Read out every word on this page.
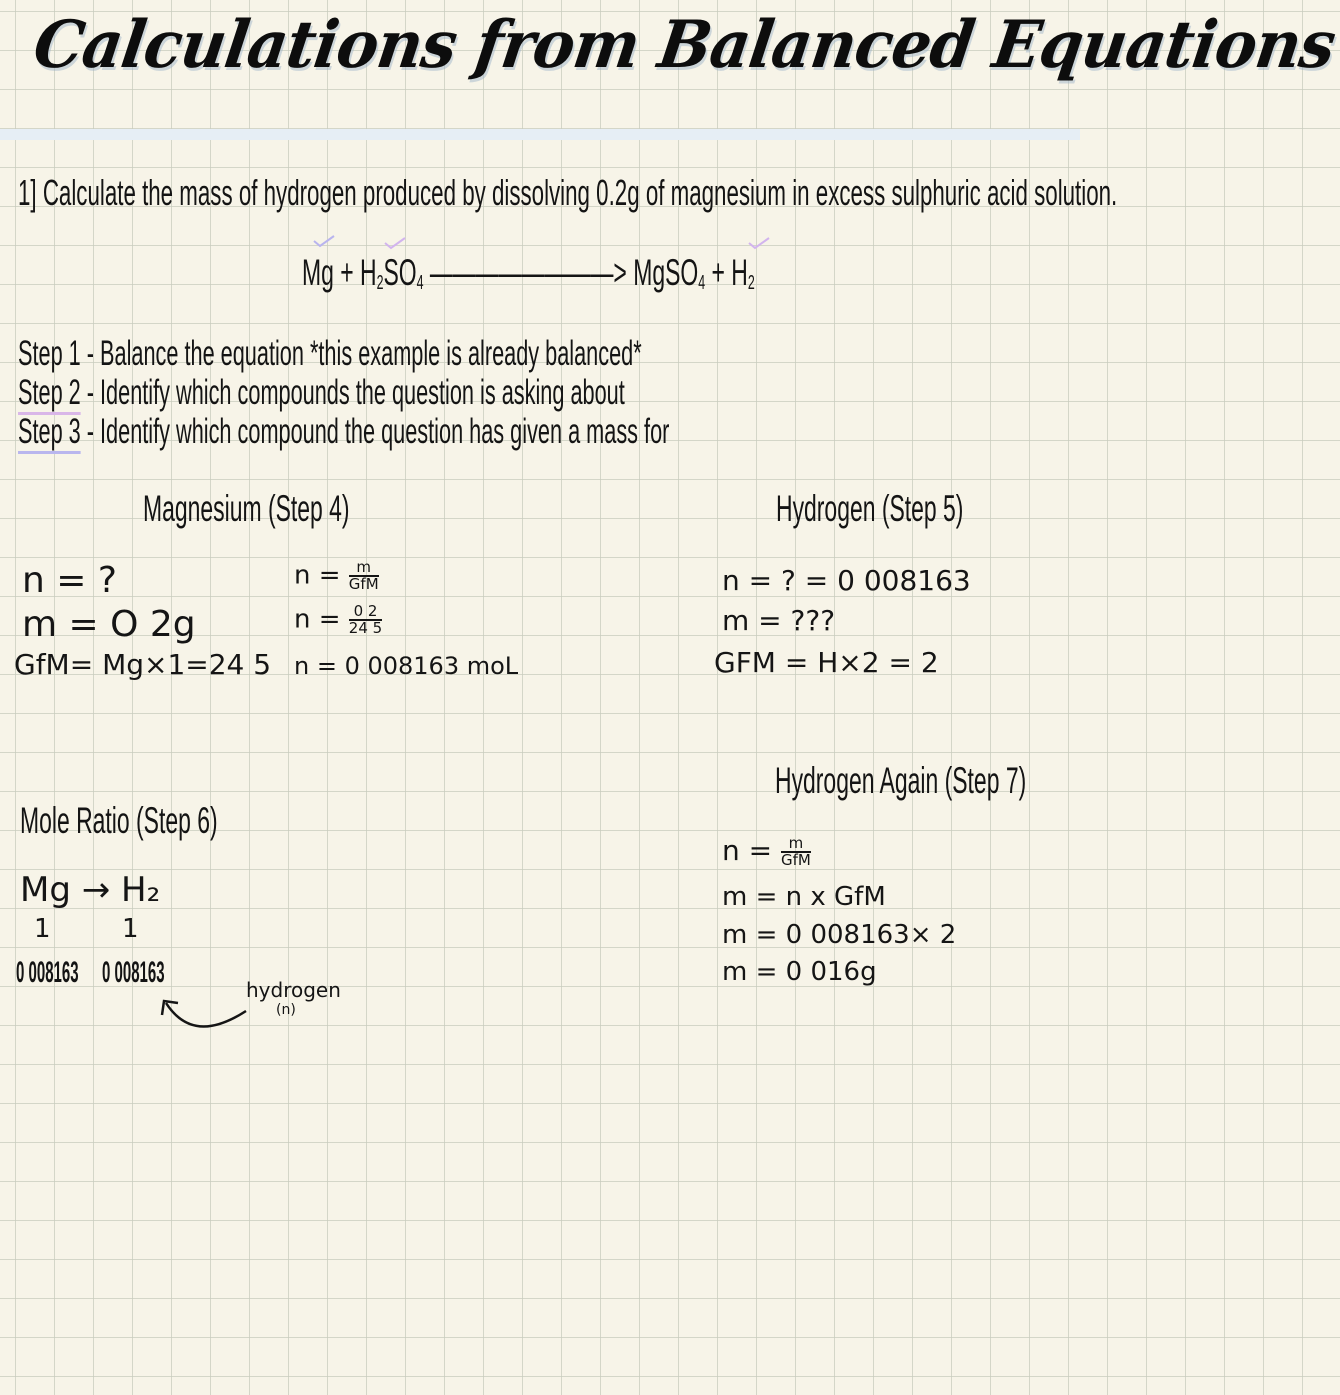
Calculations from Balanced Equations
1] Calculate the mass of hydrogen produced by dissolving 0.2g of magnesium in excess sulphuric acid solution.
$Mg + H_2SO_4$ ————————> MgSO$_4$ + $H_2$
Step 1 - Balance the equation *this example is already balanced*
Step 2 - Identify which compounds the question is asking about
Step 3 - Identify which compound the question has given a mass for
Magnesium (Step 4)
n = ?
m = O 2g
GfM= Mg×1=24 5
$n = \frac{m}{\text{GfM}}$
$n = \frac{0 2}{24 5}$
n = 0 008163 moL
Hydrogen (Step 5)
n = ? = 0 008163
m = ???
GFM = H×2 = 2
Hydrogen Again (Step 7)
$n = \frac{m}{\text{GfM}}$
m = n x GfM
m = 0 008163× 2
m = 0 016g
Mole Ratio (Step 6)
Mg → H₂
1	1
0 008163 0 008163
hydrogen
(n)
